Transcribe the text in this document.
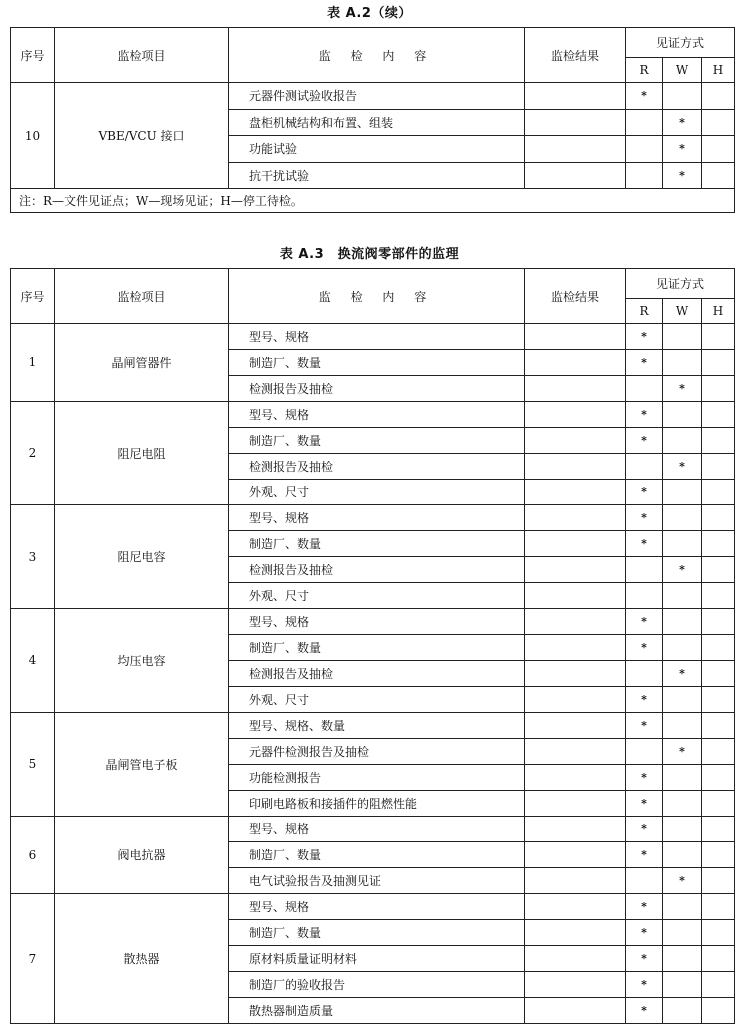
表 A.2（续）
序号	监检项目	监 检 内 容	监检结果	见证方式		
				R	W	H
10	VBE/VCU 接口	元器件测试验收报告		*		
		盘柜机械结构和布置、组装			*	
		功能试验			*	
		抗干扰试验			*	
注：R—文件见证点；W—现场见证；H—停工待检。						
表 A.3　换流阀零部件的监理
序号	监检项目	监 检 内 容	监检结果	见证方式		
				R	W	H
1	晶闸管器件	型号、规格		*		
		制造厂、数量		*		
		检测报告及抽检			*	
2	阻尼电阻	型号、规格		*		
		制造厂、数量		*		
		检测报告及抽检			*	
		外观、尺寸		*		
3	阻尼电容	型号、规格		*		
		制造厂、数量		*		
		检测报告及抽检			*	
		外观、尺寸				
4	均压电容	型号、规格		*		
		制造厂、数量		*		
		检测报告及抽检			*	
		外观、尺寸		*		
5	晶闸管电子板	型号、规格、数量		*		
		元器件检测报告及抽检			*	
		功能检测报告		*		
		印刷电路板和接插件的阻燃性能		*		
6	阀电抗器	型号、规格		*		
		制造厂、数量		*		
		电气试验报告及抽测见证			*	
7	散热器	型号、规格		*		
		制造厂、数量		*		
		原材料质量证明材料		*		
		制造厂的验收报告		*		
		散热器制造质量		*		
